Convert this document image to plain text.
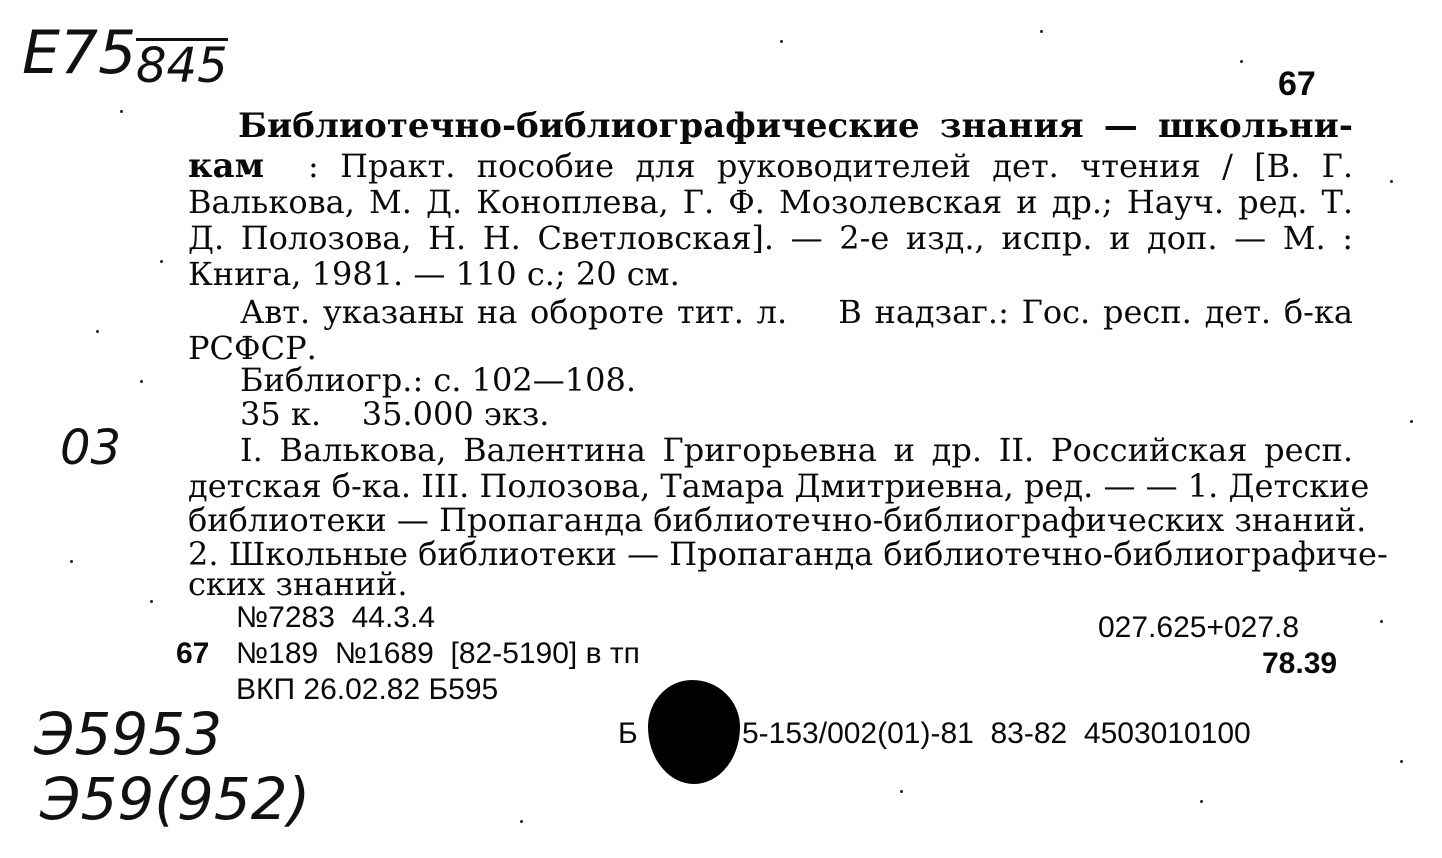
Е75 845
03
Э5953
Э59(952)
67
Библиотечно-библиографические знания — школьни-
кам : Практ. пособие для руководителей дет. чтения / [В. Г.
Валькова, М. Д. Коноплева, Г. Ф. Мозолевская и др.; Науч. ред. Т.
Д. Полозова, Н. Н. Светловская]. — 2-е изд., испр. и доп. — М. :
Книга, 1981. — 110 с.; 20 см.
Авт. указаны на обороте тит. л.    В надзаг.: Гос. респ. дет. б-ка
РСФСР.
Библиогр.: с. 102—108.
35 к.    35.000 экз.
I. Валькова, Валентина Григорьевна и др. II. Российская респ.
детская б-ка. III. Полозова, Тамара Дмитриевна, ред. — — 1. Детские
библиотеки — Пропаганда библиотечно-библиографических знаний.
2. Школьные библиотеки — Пропаганда библиотечно-библиографиче-
ских знаний.
№7283  44.3.4
67 №189  №1689  [82-5190] в тп
ВКП 26.02.82 Б595
027.625+027.8
78.39
Б	5-153/002(01)-81  83-82  4503010100
